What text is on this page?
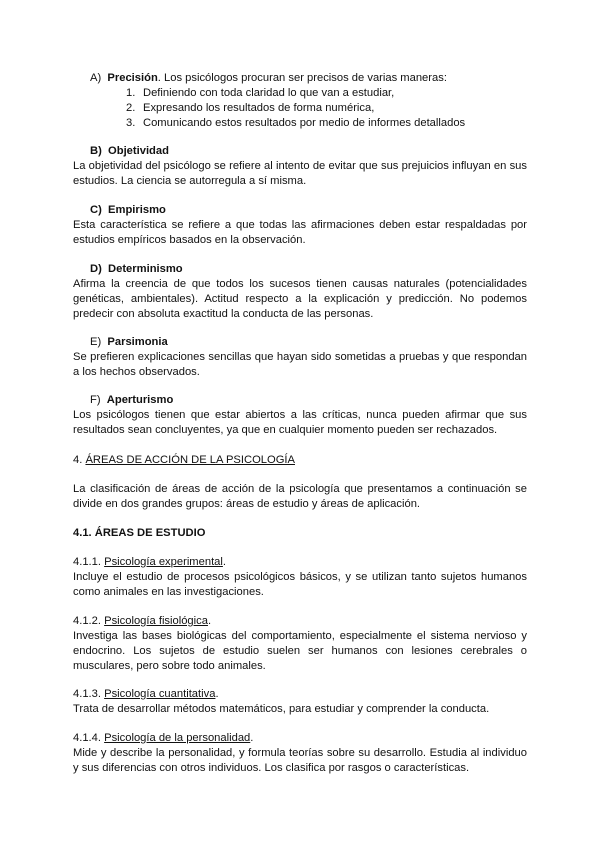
A) Precisión. Los psicólogos procuran ser precisos de varias maneras:
1. Definiendo con toda claridad lo que van a estudiar,
2. Expresando los resultados de forma numérica,
3. Comunicando estos resultados por medio de informes detallados
B) Objetividad
La objetividad del psicólogo se refiere al intento de evitar que sus prejuicios influyan en sus estudios. La ciencia se autorregula a sí misma.
C) Empirismo
Esta característica se refiere a que todas las afirmaciones deben estar respaldadas por estudios empíricos basados en la observación.
D) Determinismo
Afirma la creencia de que todos los sucesos tienen causas naturales (potencialidades genéticas, ambientales). Actitud respecto a la explicación y predicción. No podemos predecir con absoluta exactitud la conducta de las personas.
E) Parsimonia
Se prefieren explicaciones sencillas que hayan sido sometidas a pruebas y que respondan a los hechos observados.
F) Aperturismo
Los psicólogos tienen que estar abiertos a las críticas, nunca pueden afirmar que sus resultados sean concluyentes, ya que en cualquier momento pueden ser rechazados.
4. ÁREAS DE ACCIÓN DE LA PSICOLOGÍA
La clasificación de áreas de acción de la psicología que presentamos a continuación se divide en dos grandes grupos: áreas de estudio y áreas de aplicación.
4.1. ÁREAS DE ESTUDIO
4.1.1. Psicología experimental.
Incluye el estudio de procesos psicológicos básicos, y se utilizan tanto sujetos humanos como animales en las investigaciones.
4.1.2. Psicología fisiológica.
Investiga las bases biológicas del comportamiento, especialmente el sistema nervioso y endocrino. Los sujetos de estudio suelen ser humanos con lesiones cerebrales o musculares, pero sobre todo animales.
4.1.3. Psicología cuantitativa.
Trata de desarrollar métodos matemáticos, para estudiar y comprender la conducta.
4.1.4. Psicología de la personalidad.
Mide y describe la personalidad, y formula teorías sobre su desarrollo. Estudia al individuo y sus diferencias con otros individuos. Los clasifica por rasgos o características.
